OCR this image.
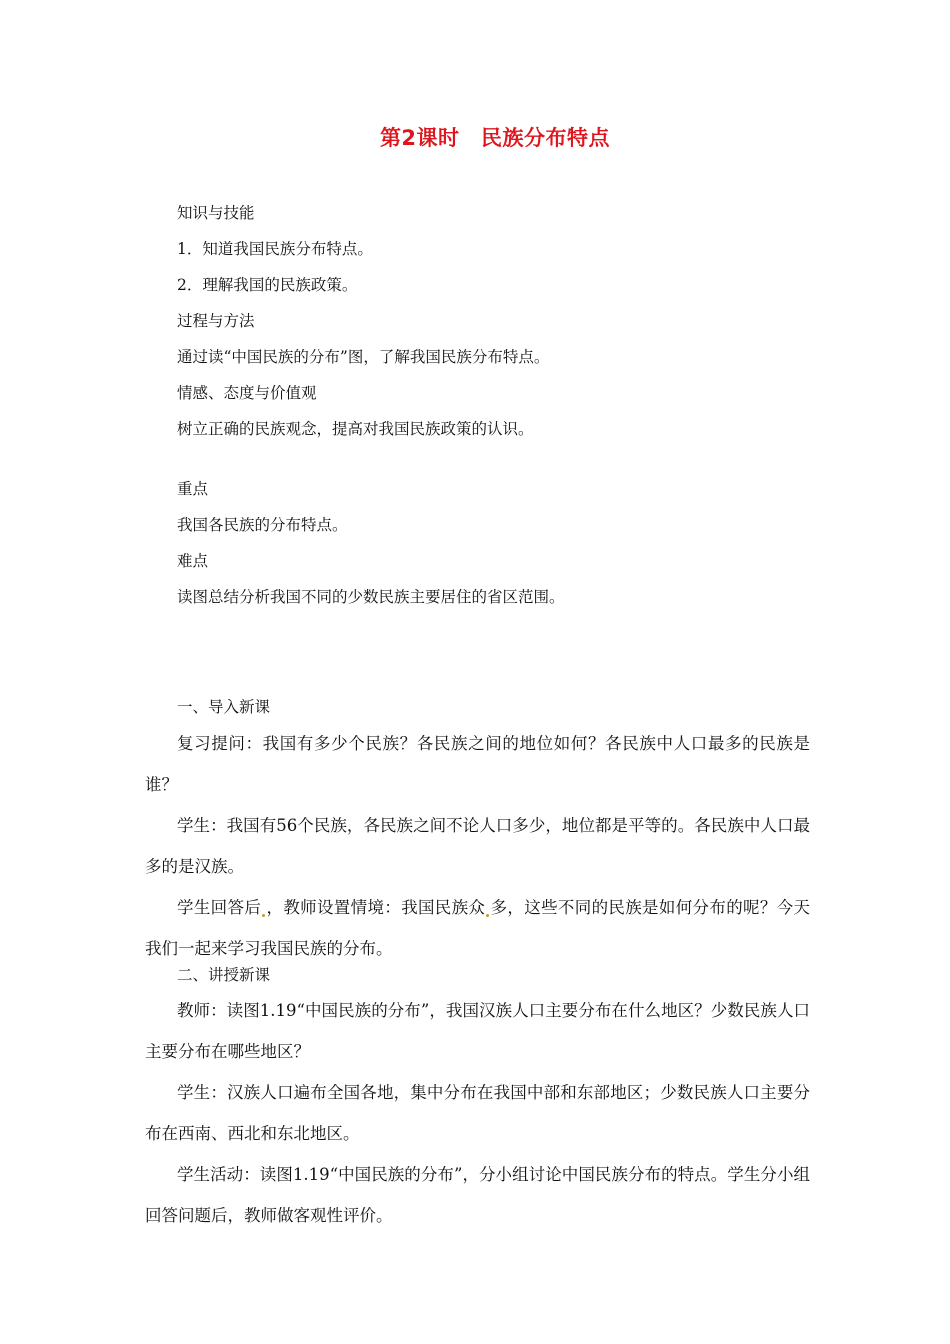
第2课时　民族分布特点
知识与技能
1．知道我国民族分布特点。
2．理解我国的民族政策。
过程与方法
通过读“中国民族的分布”图，了解我国民族分布特点。
情感、态度与价值观
树立正确的民族观念，提高对我国民族政策的认识。
重点
我国各民族的分布特点。
难点
读图总结分析我国不同的少数民族主要居住的省区范围。
一、导入新课

复习提问：我国有多少个民族？各民族之间的地位如何？各民族中人口最多的民族是谁？

学生：我国有56个民族，各民族之间不论人口多少，地位都是平等的。各民族中人口最多的是汉族。

学生回答后 ，教师设置情境：我国民族众 多，这些不同的民族是如何分布的呢？今天我们一起来学习我国民族的分布。

二、讲授新课

教师：读图1.19“中国民族的分布”，我国汉族人口主要分布在什么地区？少数民族人口主要分布在哪些地区？

学生：汉族人口遍布全国各地，集中分布在我国中部和东部地区；少数民族人口主要分布在西南、西北和东北地区。

学生活动：读图1.19“中国民族的分布”，分小组讨论中国民族分布的特点。学生分小组回答问题后，教师做客观性评价。
